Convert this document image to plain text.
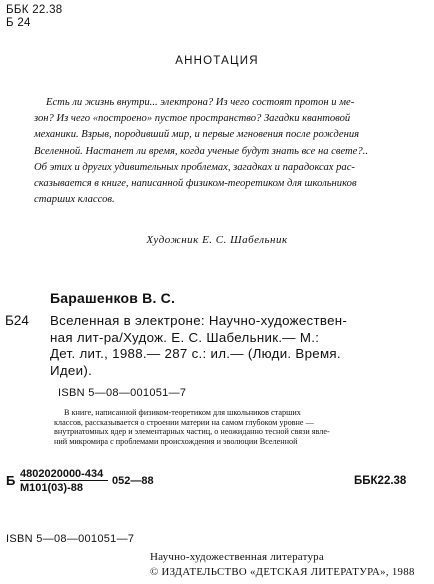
ББК 22.38
Б 24
АННОТАЦИЯ
Есть ли жизнь внутри... электрона? Из чего состоят протон и ме-
зон? Из чего «построено» пустое пространство? Загадки квантовой
механики. Взрыв, породивший мир, и первые мгновения после рождения
Вселенной. Настанет ли время, когда ученые будут знать все на свете?..
Об этих и других удивительных проблемах, загадках и парадоксах рас-
сказывается в книге, написанной физиком-теоретиком для школьников
старших классов.
Художник Е. С. Шабельник
Барашенков В. С.
Б24 Вселенная в электроне: Научно-художествен-
ная лит-ра/Худож. Е. С. Шабельник.— М.:
Дет. лит., 1988.— 287 с.: ил.— (Люди. Время.
Идеи).
ISBN 5—08—001051—7
В книге, написанной физиком-теоретиком для школьников старших
классов, рассказывается о строении материи на самом глубоком уровне —
внутриатомных ядер и элементарных частиц, о неожиданно тесной связи явле-
ний микромира с проблемами происхождения и эволюции Вселенной
Б 4802020000-434
М101(03)-88
052—88	ББК22.38
ISBN 5—08—001051—7
Научно-художественная литература
© ИЗДАТЕЛЬСТВО «ДЕТСКАЯ ЛИТЕРАТУРА», 1988
